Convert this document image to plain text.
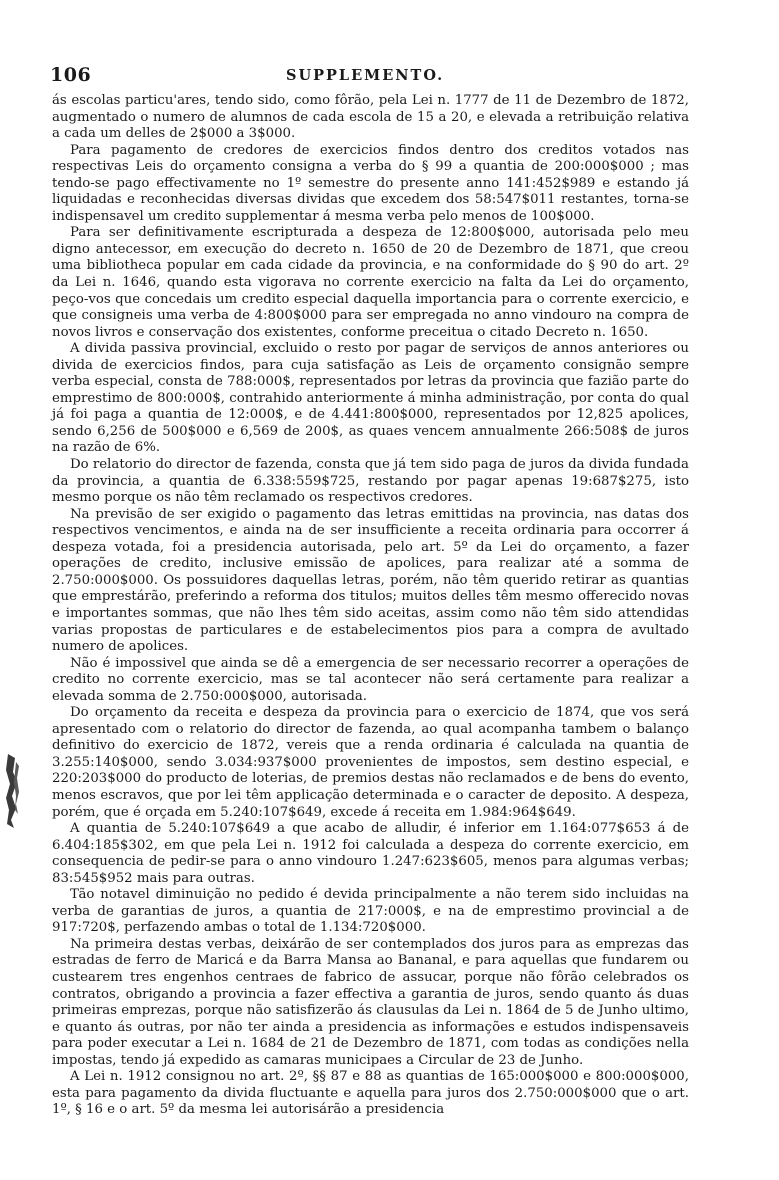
106	SUPPLEMENTO.

ás escolas particu'ares, tendo sido, como fôrão, pela Lei n. 1777 de 11 de Dezembro de 1872, augmentado o numero de alumnos de cada escola de 15 a 20, e elevada a retribuição relativa a cada um delles de 2$000 a 3$000.

Para pagamento de credores de exercicios findos dentro dos creditos votados nas respectivas Leis do orçamento consigna a verba do § 99 a quantia de 200:000$000 ; mas tendo-se pago effectivamente no 1º semestre do presente anno 141:452$989 e estando já liquidadas e reconhecidas diversas dividas que excedem dos 58:547$011 restantes, torna-se indispensavel um credito supplementar á mesma verba pelo menos de 100$000.

Para ser definitivamente escripturada a despeza de 12:800$000, autorisada pelo meu digno antecessor, em execução do decreto n. 1650 de 20 de Dezembro de 1871, que creou uma bibliotheca popular em cada cidade da provincia, e na conformidade do § 90 do art. 2º da Lei n. 1646, quando esta vigorava no corrente exercicio na falta da Lei do orçamento, peço-vos que concedais um credito especial daquella importancia para o corrente exercicio, e que consigneis uma verba de 4:800$000 para ser empregada no anno vindouro na compra de novos livros e conservação dos existentes, conforme preceitua o citado Decreto n. 1650.

A divida passiva provincial, excluido o resto por pagar de serviços de annos anteriores ou divida de exercicios findos, para cuja satisfação as Leis de orçamento consignão sempre verba especial, consta de 788:000$, representados por letras da provincia que fazião parte do emprestimo de 800:000$, contrahido anteriormente á minha administração, por conta do qual já foi paga a quantia de 12:000$, e de 4.441:800$000, representados por 12,825 apolices, sendo 6,256 de 500$000 e 6,569 de 200$, as quaes vencem annualmente 266:508$ de juros na razão de 6%.

Do relatorio do director de fazenda, consta que já tem sido paga de juros da divida fundada da provincia, a quantia de 6.338:559$725, restando por pagar apenas 19:687$275, isto mesmo porque os não têm reclamado os respectivos credores.

Na previsão de ser exigido o pagamento das letras emittidas na provincia, nas datas dos respectivos vencimentos, e ainda na de ser insufficiente a receita ordinaria para occorrer á despeza votada, foi a presidencia autorisada, pelo art. 5º da Lei do orçamento, a fazer operações de credito, inclusive emissão de apolices, para realizar até a somma de 2.750:000$000. Os possuidores daquellas letras, porém, não têm querido retirar as quantias que emprestárão, preferindo a reforma dos titulos; muitos delles têm mesmo offerecido novas e importantes sommas, que não lhes têm sido aceitas, assim como não têm sido attendidas varias propostas de particulares e de estabelecimentos pios para a compra de avultado numero de apolices.

Não é impossivel que ainda se dê a emergencia de ser necessario recorrer a operações de credito no corrente exercicio, mas se tal acontecer não será certamente para realizar a elevada somma de 2.750:000$000, autorisada.

Do orçamento da receita e despeza da provincia para o exercicio de 1874, que vos será apresentado com o relatorio do director de fazenda, ao qual acompanha tambem o balanço definitivo do exercicio de 1872, vereis que a renda ordinaria é calculada na quantia de 3.255:140$000, sendo 3.034:937$000 provenientes de impostos, sem destino especial, e 220:203$000 do producto de loterias, de premios destas não reclamados e de bens do evento, menos escravos, que por lei têm applicação determinada e o caracter de deposito. A despeza, porém, que é orçada em 5.240:107$649, excede á receita em 1.984:964$649.

A quantia de 5.240:107$649 a que acabo de alludir, é inferior em 1.164:077$653 á de 6.404:185$302, em que pela Lei n. 1912 foi calculada a despeza do corrente exercicio, em consequencia de pedir-se para o anno vindouro 1.247:623$605, menos para algumas verbas; 83:545$952 mais para outras.

Tão notavel diminuição no pedido é devida principalmente a não terem sido incluidas na verba de garantias de juros, a quantia de 217:000$, e na de emprestimo provincial a de 917:720$, perfazendo ambas o total de 1.134:720$000.

Na primeira destas verbas, deixárão de ser contemplados dos juros para as emprezas das estradas de ferro de Maricá e da Barra Mansa ao Bananal, e para aquellas que fundarem ou custearem tres engenhos centraes de fabrico de assucar, porque não fôrão celebrados os contratos, obrigando a provincia a fazer effectiva a garantia de juros, sendo quanto ás duas primeiras emprezas, porque não satisfizerão ás clausulas da Lei n. 1864 de 5 de Junho ultimo, e quanto ás outras, por não ter ainda a presidencia as informações e estudos indispensaveis para poder executar a Lei n. 1684 de 21 de Dezembro de 1871, com todas as condições nella impostas, tendo já expedido as camaras municipaes a Circular de 23 de Junho.

A Lei n. 1912 consignou no art. 2º, §§ 87 e 88 as quantias de 165:000$000 e 800:000$000, esta para pagamento da divida fluctuante e aquella para juros dos 2.750:000$000 que o art. 1º, § 16 e o art. 5º da mesma lei autorisárão a presidencia
